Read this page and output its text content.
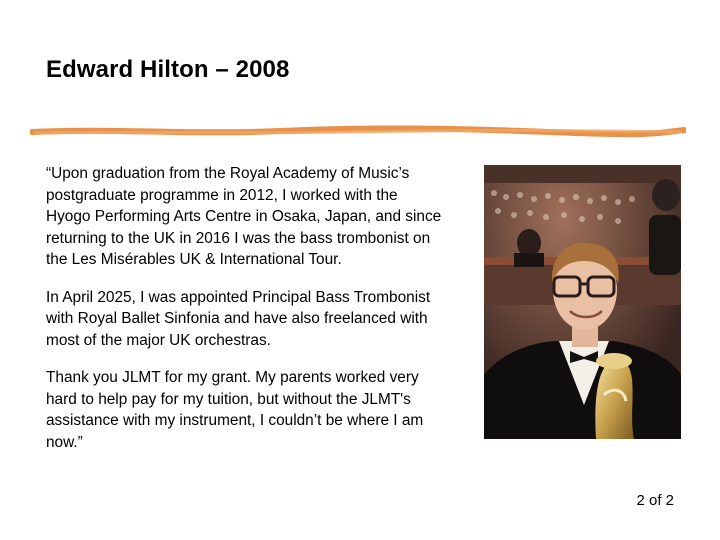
Edward Hilton – 2008

“Upon graduation from the Royal Academy of Music’s postgraduate programme in 2012, I worked with the Hyogo Performing Arts Centre in Osaka, Japan, and since returning to the UK in 2016 I was the bass trombonist on the Les Misérables UK & International Tour.

In April 2025, I was appointed Principal Bass Trombonist with Royal Ballet Sinfonia and have also freelanced with most of the major UK orchestras.

Thank you JLMT for my grant. My parents worked very hard to help pay for my tuition, but without the JLMT's assistance with my instrument, I couldn’t be where I am now.”

2 of 2
